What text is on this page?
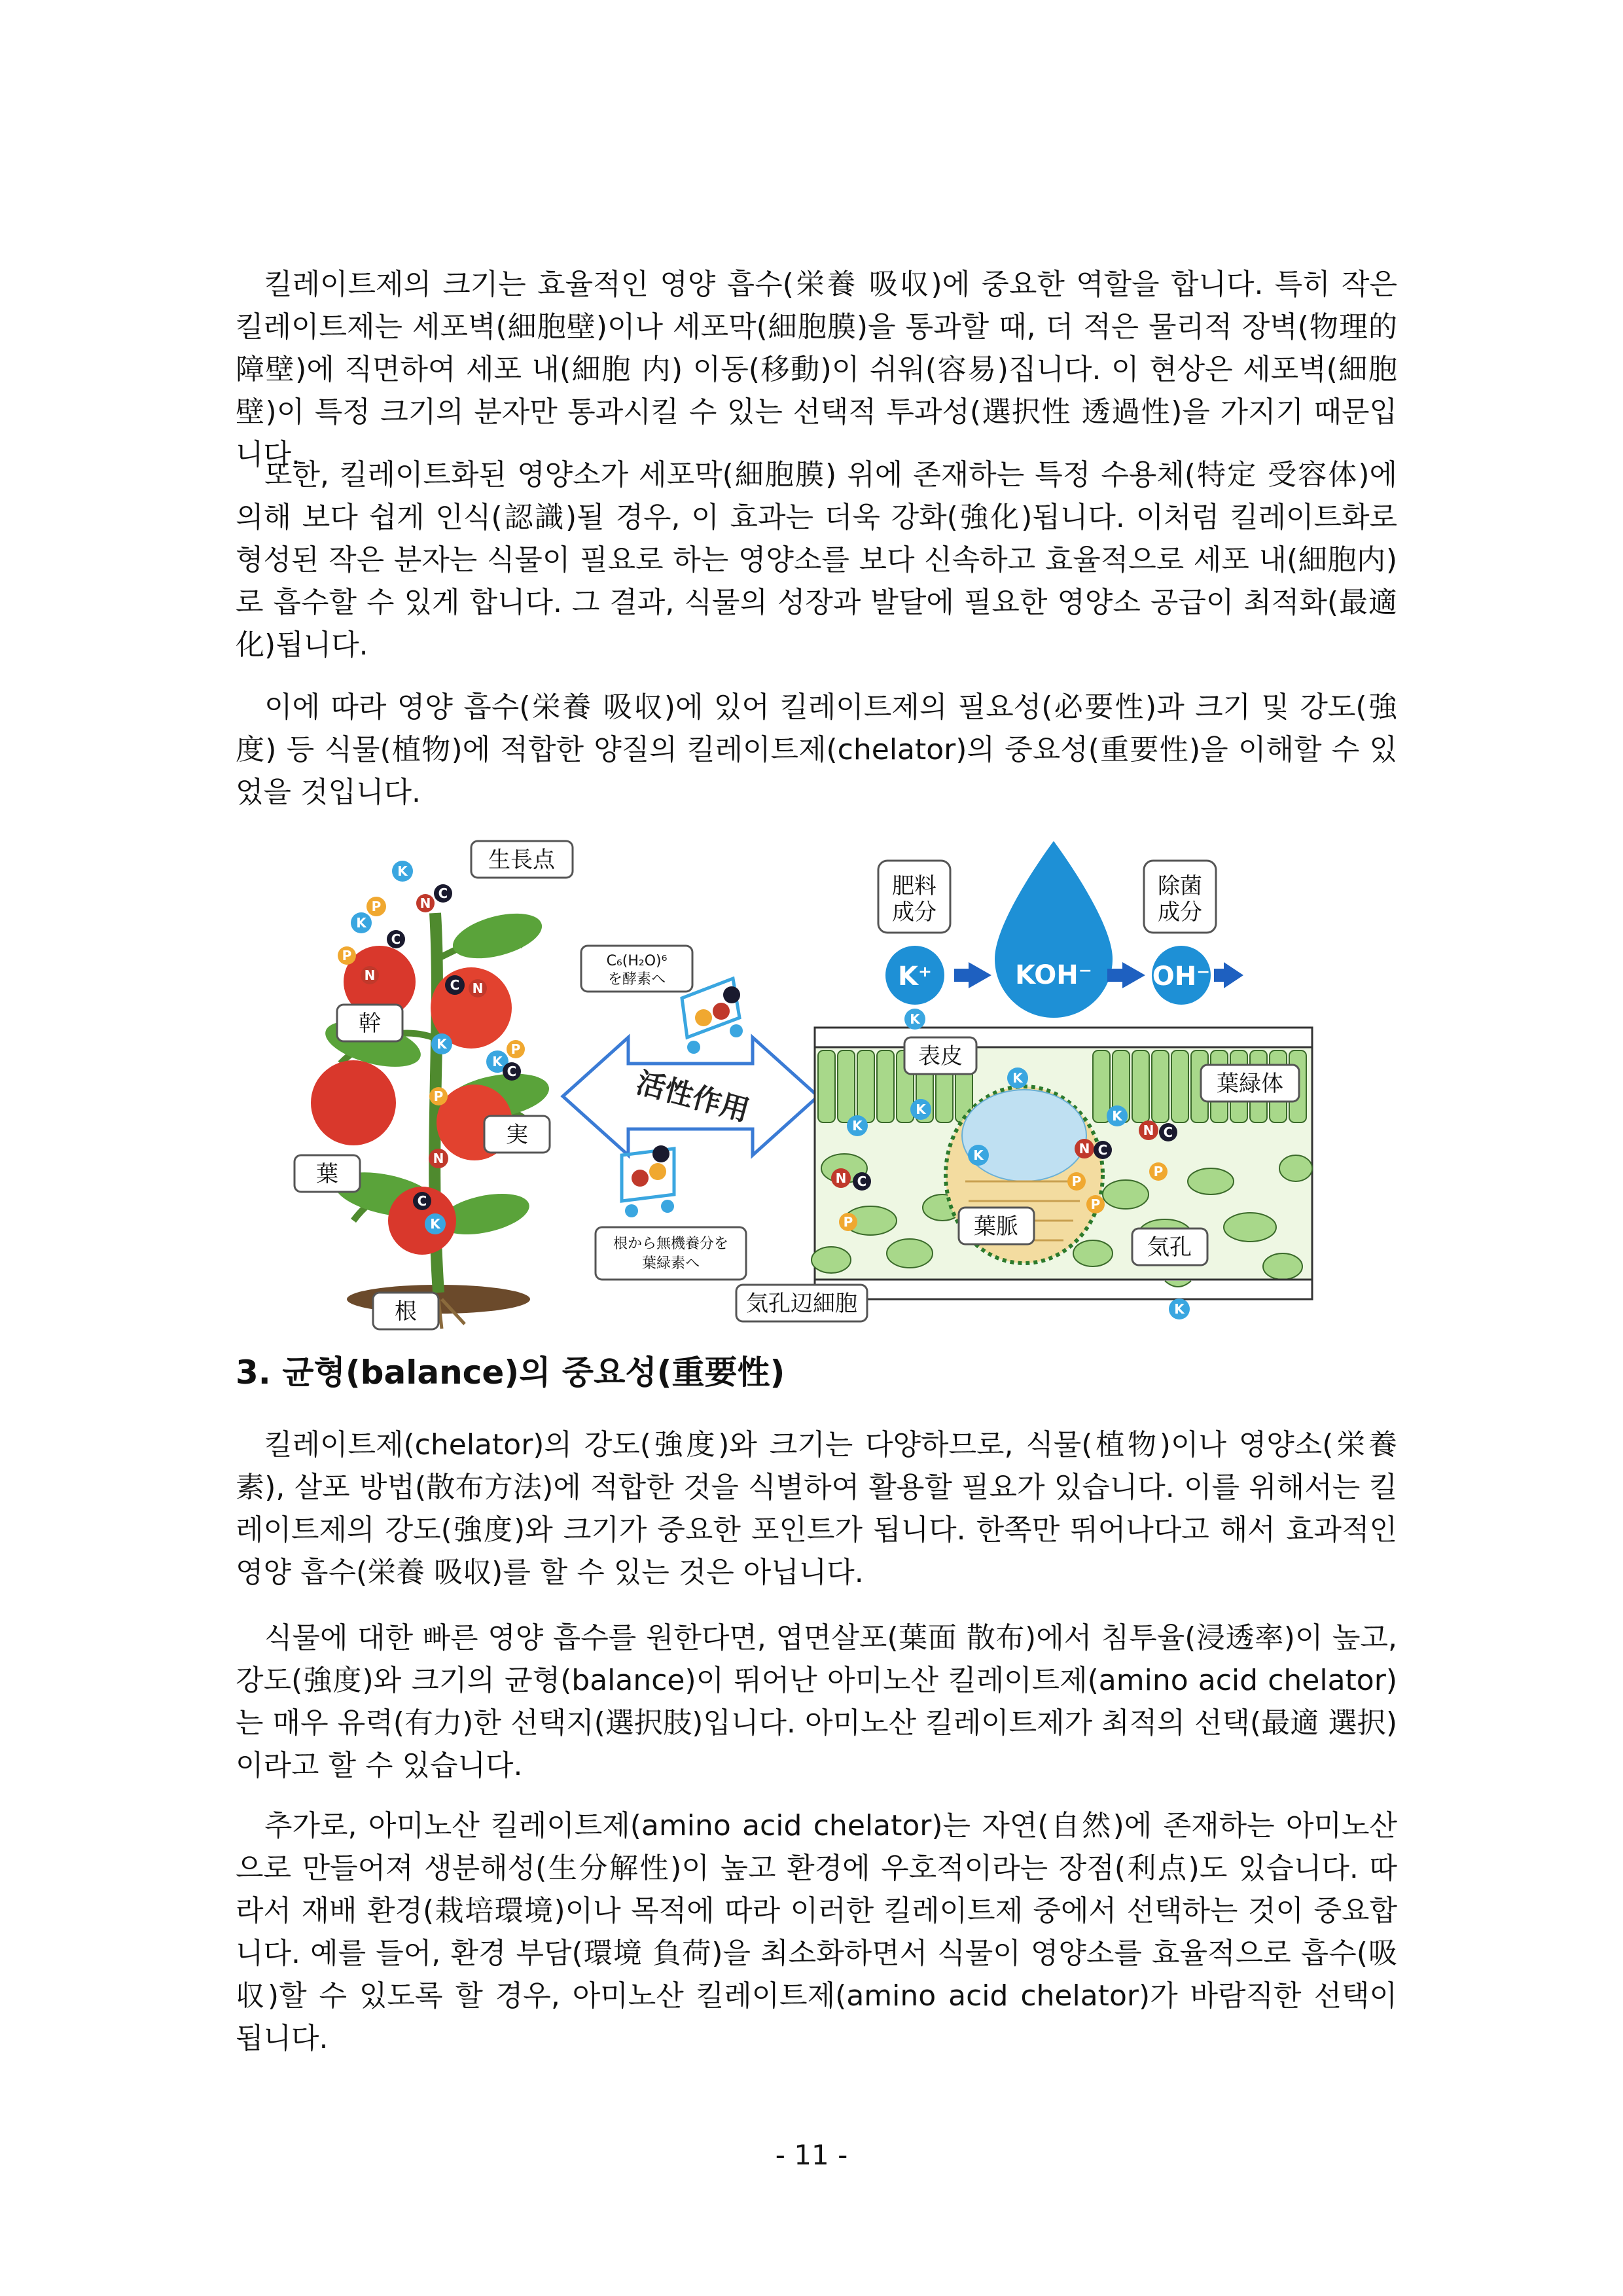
킬레이트제의 크기는 효율적인 영양 흡수(栄養 吸収)에 중요한 역할을 합니다. 특히 작은 킬레이트제는 세포벽(細胞壁)이나 세포막(細胞膜)을 통과할 때, 더 적은 물리적 장벽(物理的障壁)에 직면하여 세포 내(細胞 内) 이동(移動)이 쉬워(容易)집니다. 이 현상은 세포벽(細胞壁)이 특정 크기의 분자만 통과시킬 수 있는 선택적 투과성(選択性 透過性)을 가지기 때문입니다.

또한, 킬레이트화된 영양소가 세포막(細胞膜) 위에 존재하는 특정 수용체(特定 受容体)에 의해 보다 쉽게 인식(認識)될 경우, 이 효과는 더욱 강화(強化)됩니다. 이처럼 킬레이트화로 형성된 작은 분자는 식물이 필요로 하는 영양소를 보다 신속하고 효율적으로 세포 내(細胞内)로 흡수할 수 있게 합니다. 그 결과, 식물의 성장과 발달에 필요한 영양소 공급이 최적화(最適化)됩니다.

이에 따라 영양 흡수(栄養 吸収)에 있어 킬레이트제의 필요성(必要性)과 크기 및 강도(強度) 등 식물(植物)에 적합한 양질의 킬레이트제(chelator)의 중요성(重要性)을 이해할 수 있었을 것입니다.

K
N
C
P
K
C
P
N
C N
K
K
P
C
P
N
C
K
生長点
幹
実
葉
根
C₆(H₂O)⁶
を酵素へ
活性作用
根から無機養分を
葉緑素へ
肥料
成分
除菌
成分
KOH⁻
K⁺	OH⁻
K
K
K
K
K
K
N C
P
N C
P
P
N C
P
K
表皮
葉緑体
葉脈
気孔
気孔辺細胞
3. 균형(balance)의 중요성(重要性)

킬레이트제(chelator)의 강도(強度)와 크기는 다양하므로, 식물(植物)이나 영양소(栄養素), 살포 방법(散布方法)에 적합한 것을 식별하여 활용할 필요가 있습니다. 이를 위해서는 킬레이트제의 강도(強度)와 크기가 중요한 포인트가 됩니다. 한쪽만 뛰어나다고 해서 효과적인 영양 흡수(栄養 吸収)를 할 수 있는 것은 아닙니다.

식물에 대한 빠른 영양 흡수를 원한다면, 엽면살포(葉面 散布)에서 침투율(浸透率)이 높고, 강도(強度)와 크기의 균형(balance)이 뛰어난 아미노산 킬레이트제(amino acid chelator)는 매우 유력(有力)한 선택지(選択肢)입니다. 아미노산 킬레이트제가 최적의 선택(最適 選択)이라고 할 수 있습니다.

추가로, 아미노산 킬레이트제(amino acid chelator)는 자연(自然)에 존재하는 아미노산으로 만들어져 생분해성(生分解性)이 높고 환경에 우호적이라는 장점(利点)도 있습니다. 따라서 재배 환경(栽培環境)이나 목적에 따라 이러한 킬레이트제 중에서 선택하는 것이 중요합니다. 예를 들어, 환경 부담(環境 負荷)을 최소화하면서 식물이 영양소를 효율적으로 흡수(吸収)할 수 있도록 할 경우, 아미노산 킬레이트제(amino acid chelator)가 바람직한 선택이 됩니다.

- 11 -
